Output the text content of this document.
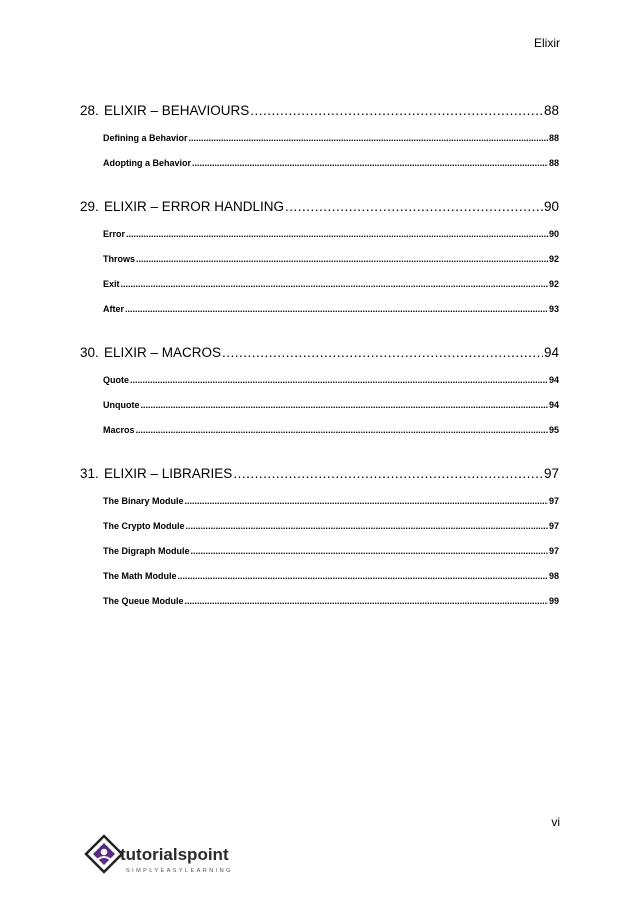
Elixir
28. ELIXIR – BEHAVIOURS .....	88
Defining a Behavior .....	88
Adopting a Behavior .....	88
29. ELIXIR – ERROR HANDLING .....	90
Error .....	90
Throws .....	92
Exit .....	92
After .....	93
30. ELIXIR – MACROS .....	94
Quote .....	94
Unquote .....	94
Macros .....	95
31. ELIXIR – LIBRARIES .....	97
The Binary Module .....	97
The Crypto Module .....	97
The Digraph Module .....	97
The Math Module .....	98
The Queue Module .....	99
vi
tutorialspoint
SIMPLYEASYLEARNING
